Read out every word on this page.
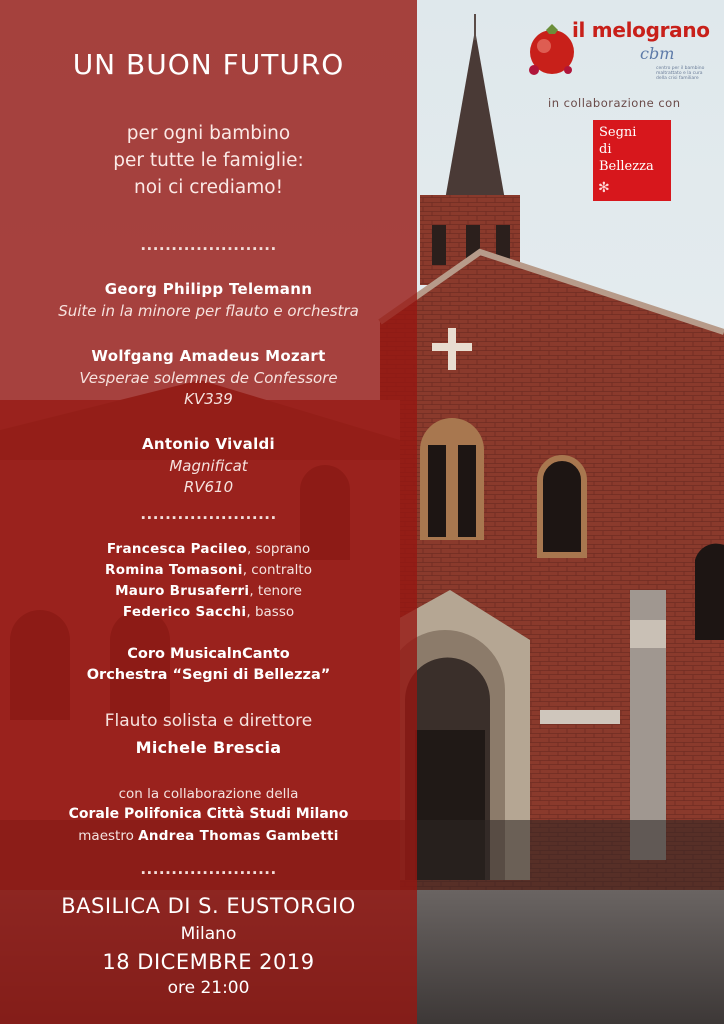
UN BUON FUTURO
per ogni bambino
per tutte le famiglie:
noi ci crediamo!
......................
Georg Philipp Telemann
Suite in la minore per flauto e orchestra
Wolfgang Amadeus Mozart
Vesperae solemnes de Confessore
KV339
Antonio Vivaldi
Magnificat
RV610
......................
Francesca Pacileo, soprano
Romina Tomasoni, contralto
Mauro Brusaferri, tenore
Federico Sacchi, basso
Coro MusicalnCanto
Orchestra “Segni di Bellezza”
Flauto solista e direttore
Michele Brescia
con la collaborazione della
Corale Polifonica Città Studi Milano
maestro Andrea Thomas Gambetti
......................
BASILICA DI S. EUSTORGIO
Milano
18 DICEMBRE 2019
ore 21:00
il melograno
cbm
centro per il bambino maltrattato e la cura della crisi familiare
in collaborazione con
Segni
di
Bellezza
✻
